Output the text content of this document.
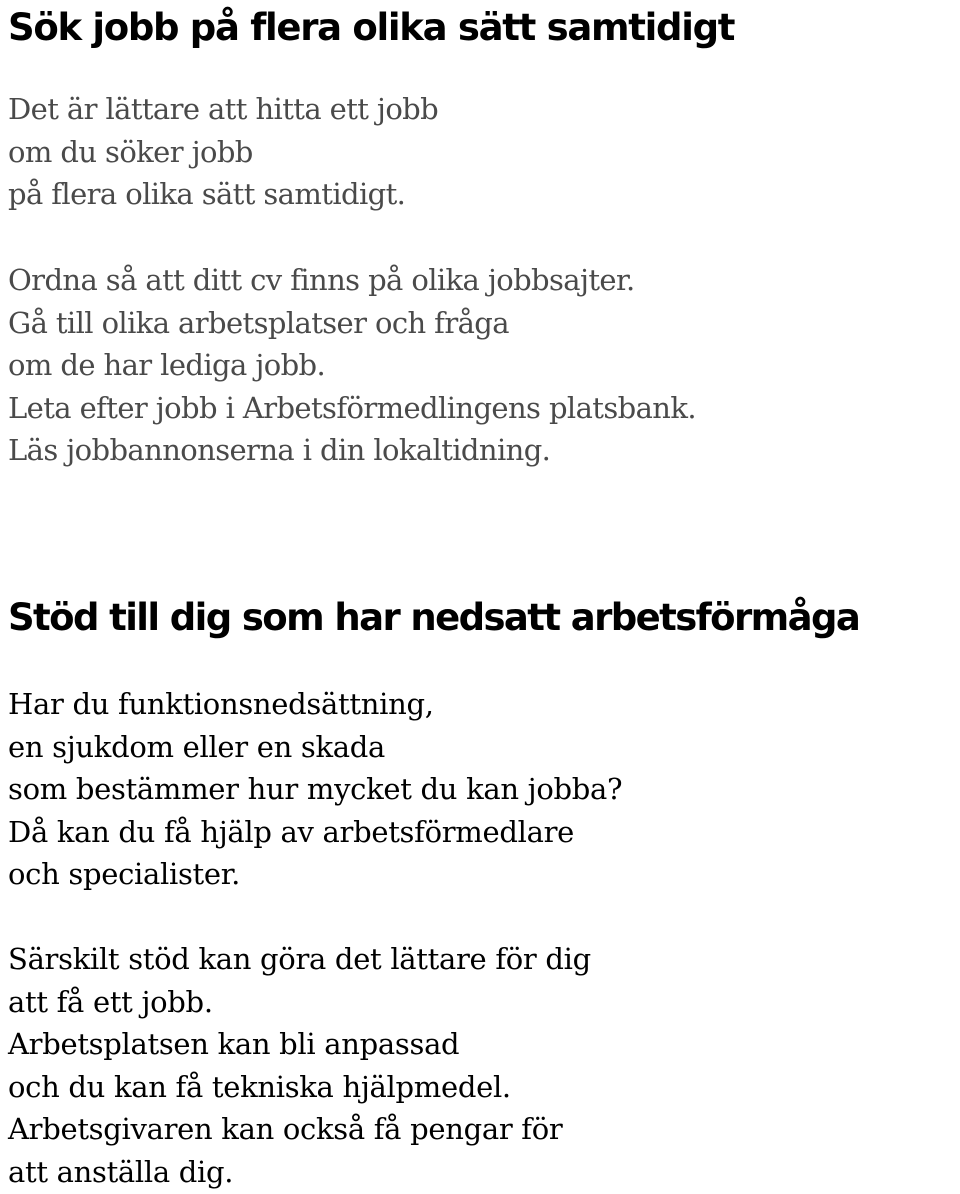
Sök jobb på flera olika sätt samtidigt

Det är lättare att hitta ett jobb
om du söker jobb
på flera olika sätt samtidigt.

Ordna så att ditt cv finns på olika jobbsajter.
Gå till olika arbetsplatser och fråga
om de har lediga jobb.
Leta efter jobb i Arbetsförmedlingens platsbank.
Läs jobbannonserna i din lokaltidning.

Stöd till dig som har nedsatt arbetsförmåga

Har du funktionsnedsättning,
en sjukdom eller en skada
som bestämmer hur mycket du kan jobba?
Då kan du få hjälp av arbetsförmedlare
och specialister.

Särskilt stöd kan göra det lättare för dig
att få ett jobb.
Arbetsplatsen kan bli anpassad
och du kan få tekniska hjälpmedel.
Arbetsgivaren kan också få pengar för
att anställa dig.
